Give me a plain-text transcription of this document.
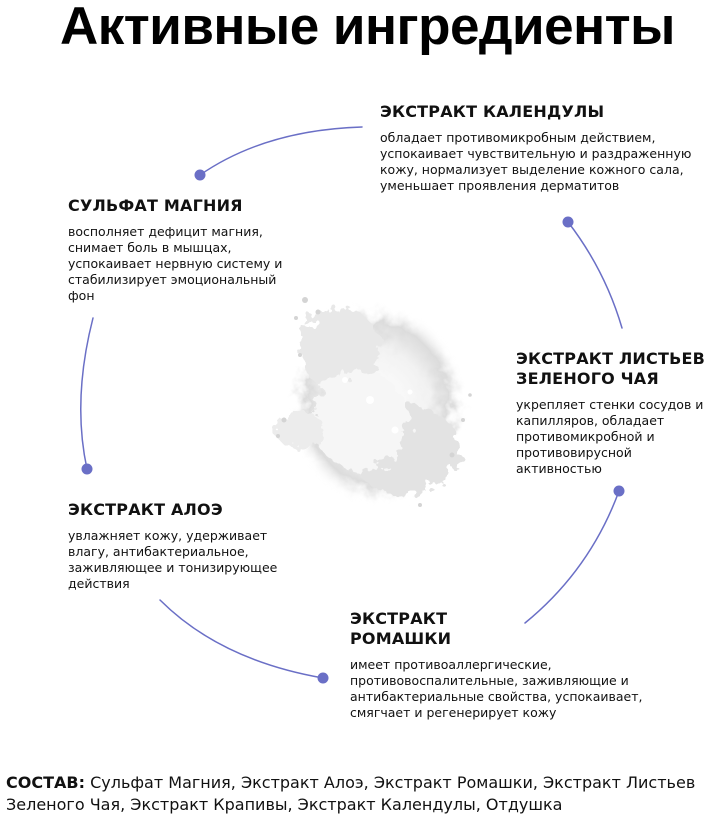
Активные ингредиенты
ЭКСТРАКТ КАЛЕНДУЛЫ

обладает противомикробным действием, успокаивает чувствительную и раздраженную кожу, нормализует выделение кожного сала, уменьшает проявления дерматитов

СУЛЬФАТ МАГНИЯ

восполняет дефицит магния, снимает боль в мышцах, успокаивает нервную систему и стабилизирует эмоциональный фон

ЭКСТРАКТ ЛИСТЬЕВ ЗЕЛЕНОГО ЧАЯ

укрепляет стенки сосудов и капилляров, обладает противомикробной и противовирусной активностью

ЭКСТРАКТ АЛОЭ

увлажняет кожу, удерживает влагу, антибактериальное, заживляющее и тонизирующее действия

ЭКСТРАКТ РОМАШКИ

имеет противоаллергические, противовоспалительные, заживляющие и антибактериальные свойства, успокаивает, смягчает и регенерирует кожу

СОСТАВ: Сульфат Магния, Экстракт Алоэ, Экстракт Ромашки, Экстракт Листьев Зеленого Чая, Экстракт Крапивы, Экстракт Календулы, Отдушка
